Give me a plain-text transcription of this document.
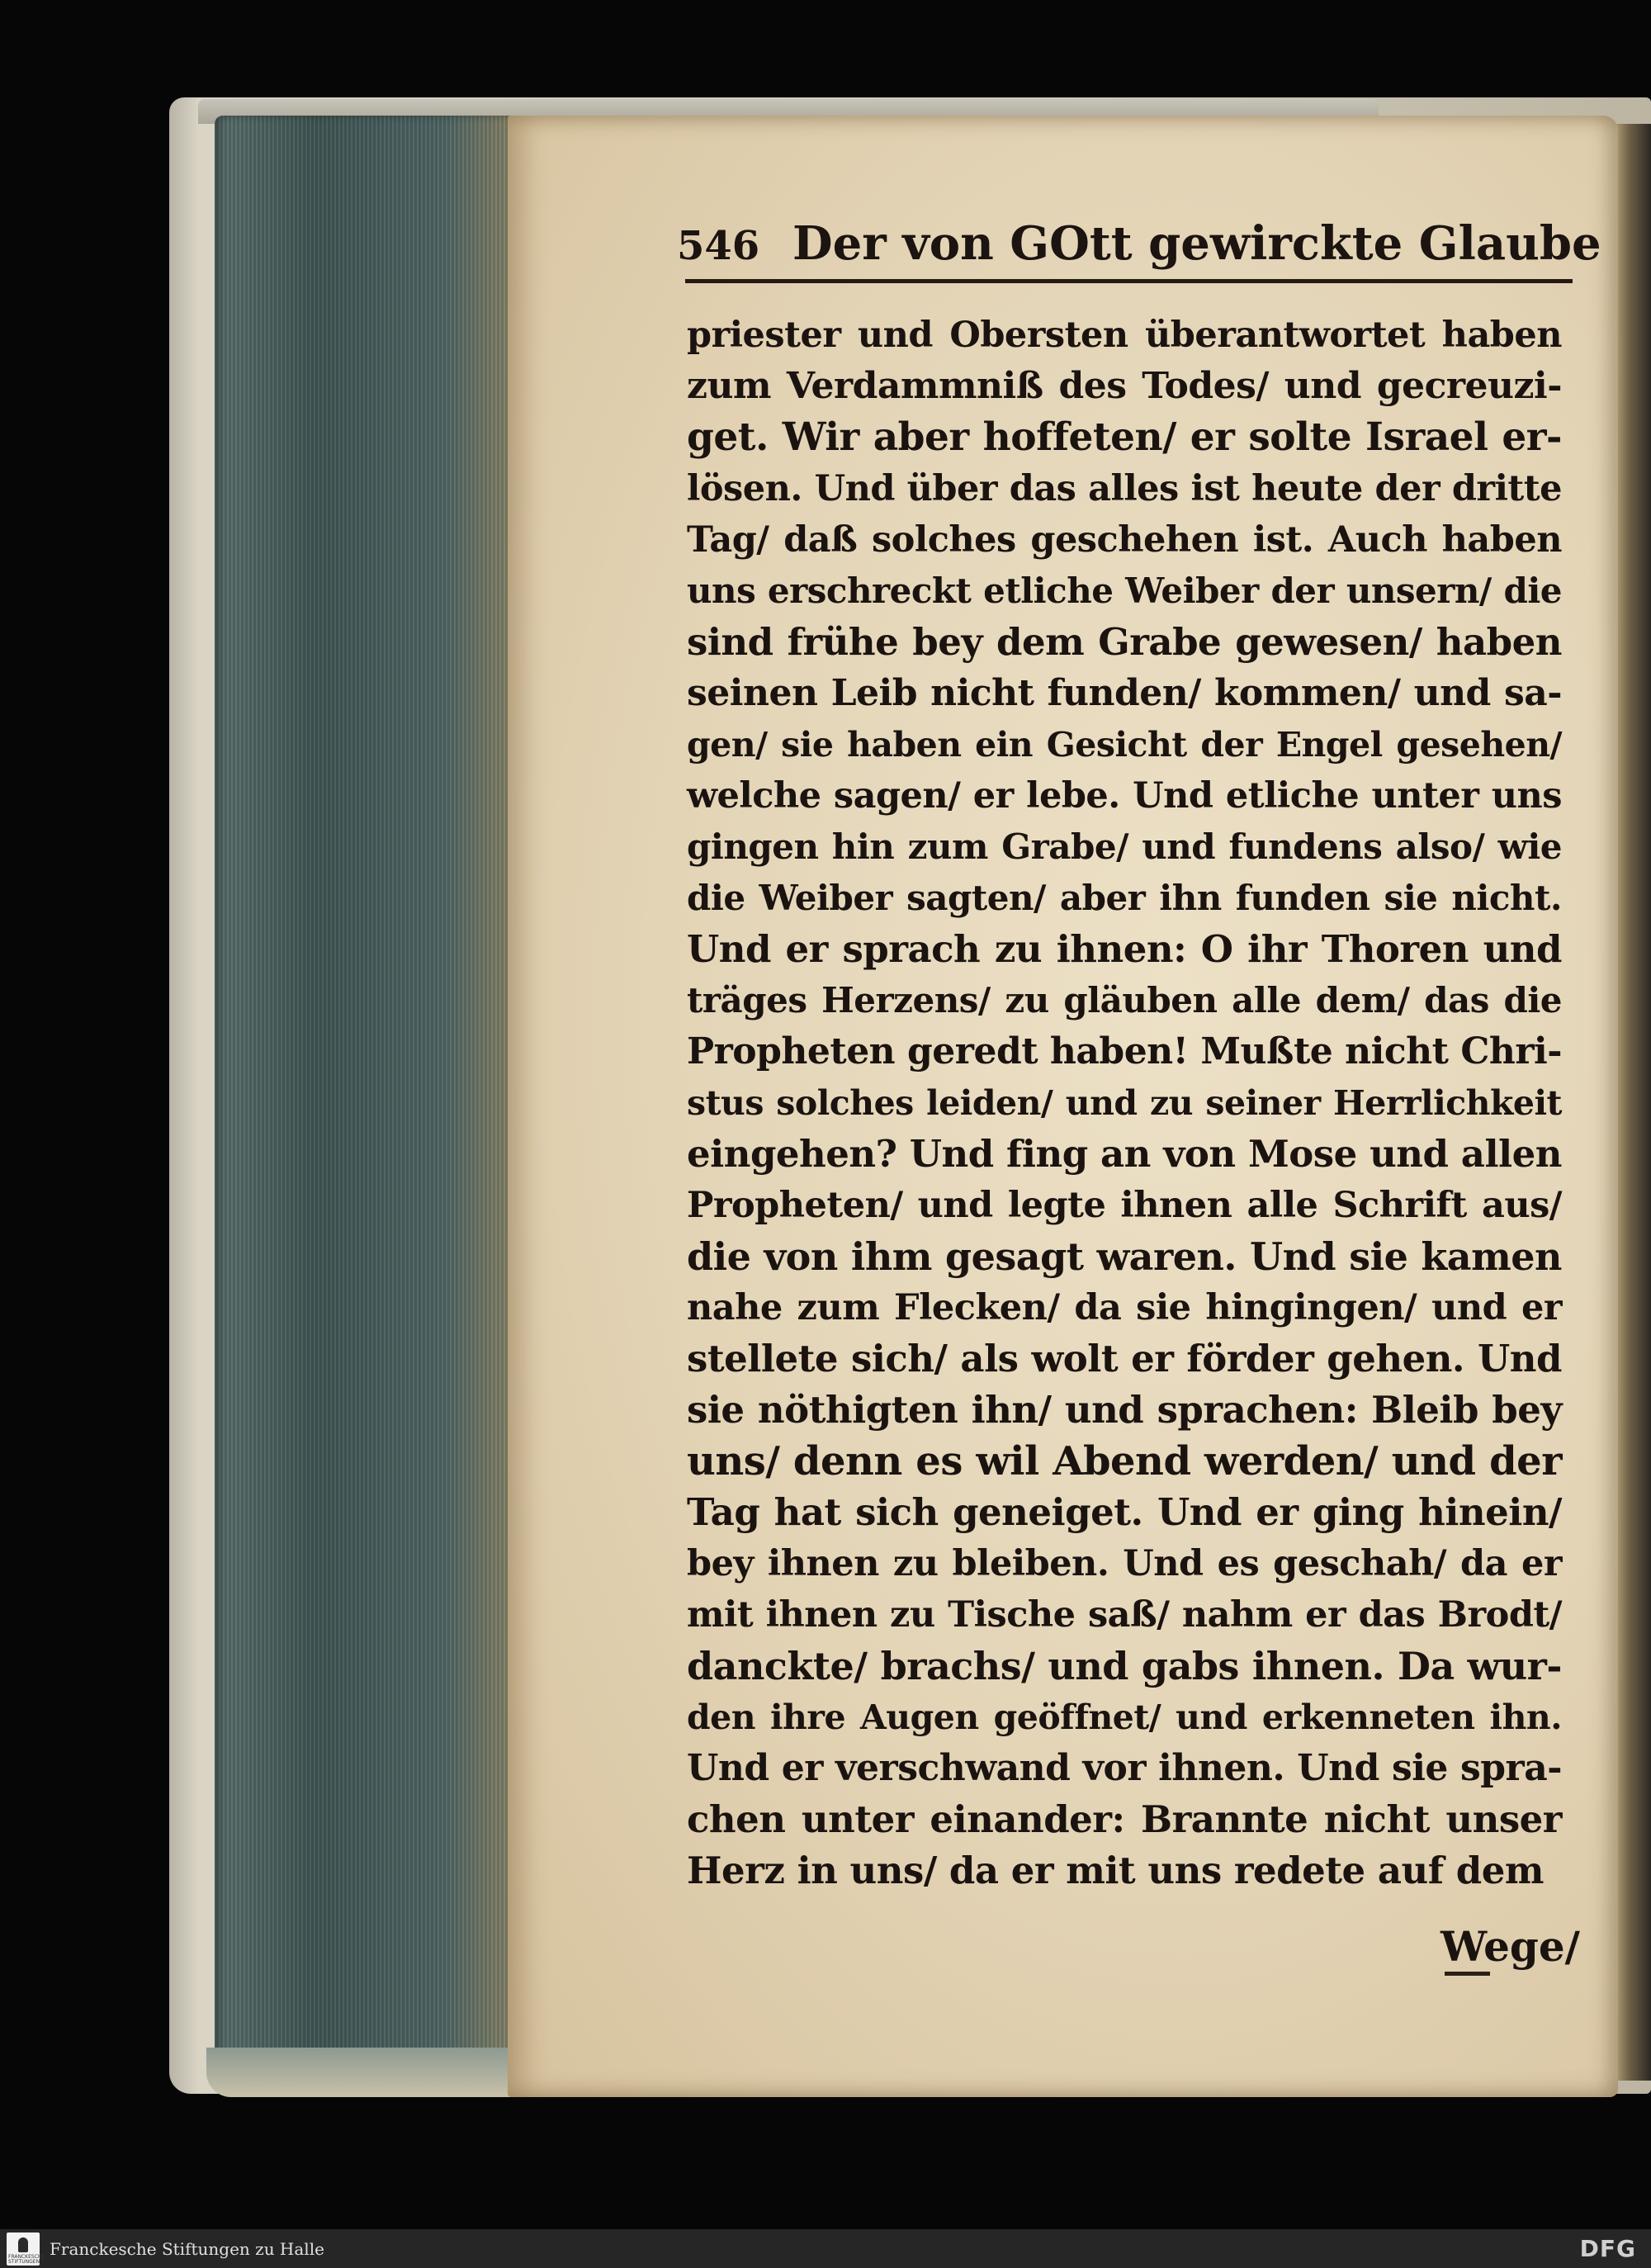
546 Der von GOtt gewirckte Glaube
priester und Obersten überantwortet haben
zum Verdammniß des Todes/ und gecreuzi-
get. Wir aber hoffeten/ er solte Israel er-
lösen. Und über das alles ist heute der dritte
Tag/ daß solches geschehen ist. Auch haben
uns erschreckt etliche Weiber der unsern/ die
sind frühe bey dem Grabe gewesen/ haben
seinen Leib nicht funden/ kommen/ und sa-
gen/ sie haben ein Gesicht der Engel gesehen/
welche sagen/ er lebe. Und etliche unter uns
gingen hin zum Grabe/ und fundens also/ wie
die Weiber sagten/ aber ihn funden sie nicht.
Und er sprach zu ihnen: O ihr Thoren und
träges Herzens/ zu gläuben alle dem/ das die
Propheten geredt haben! Mußte nicht Chri-
stus solches leiden/ und zu seiner Herrlichkeit
eingehen? Und fing an von Mose und allen
Propheten/ und legte ihnen alle Schrift aus/
die von ihm gesagt waren. Und sie kamen
nahe zum Flecken/ da sie hingingen/ und er
stellete sich/ als wolt er förder gehen. Und
sie nöthigten ihn/ und sprachen: Bleib bey
uns/ denn es wil Abend werden/ und der
Tag hat sich geneiget. Und er ging hinein/
bey ihnen zu bleiben. Und es geschah/ da er
mit ihnen zu Tische saß/ nahm er das Brodt/
danckte/ brachs/ und gabs ihnen. Da wur-
den ihre Augen geöffnet/ und erkenneten ihn.
Und er verschwand vor ihnen. Und sie spra-
chen unter einander: Brannte nicht unser
Herz in uns/ da er mit uns redete auf dem
Wege/
FRANCKESCHE STIFTUNGEN
Franckesche Stiftungen zu Halle	DFG
